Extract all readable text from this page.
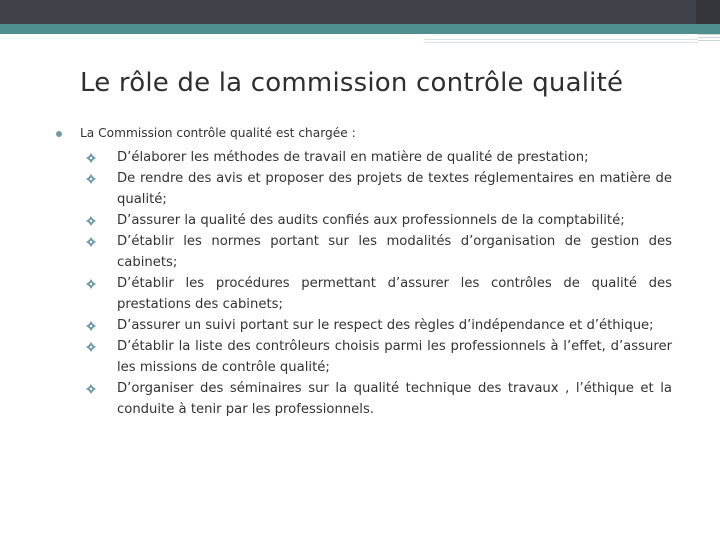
Le rôle de la commission contrôle qualité
La Commission contrôle qualité est chargée :
D’élaborer les méthodes de travail en matière de qualité de prestation;
De rendre des avis et proposer des projets de textes réglementaires en matière de qualité;
D’assurer la qualité des audits confiés aux professionnels de la comptabilité;
D’établir les normes portant sur les modalités d’organisation de gestion des cabinets;
D’établir les procédures permettant d’assurer les contrôles de qualité des prestations des cabinets;
D’assurer un suivi portant sur le respect des règles d’indépendance et d’éthique;
D’établir la liste des contrôleurs choisis parmi les professionnels à l’effet, d’assurer les missions de contrôle qualité;
D’organiser des séminaires sur la qualité technique des travaux , l’éthique et la conduite à tenir par les professionnels.
